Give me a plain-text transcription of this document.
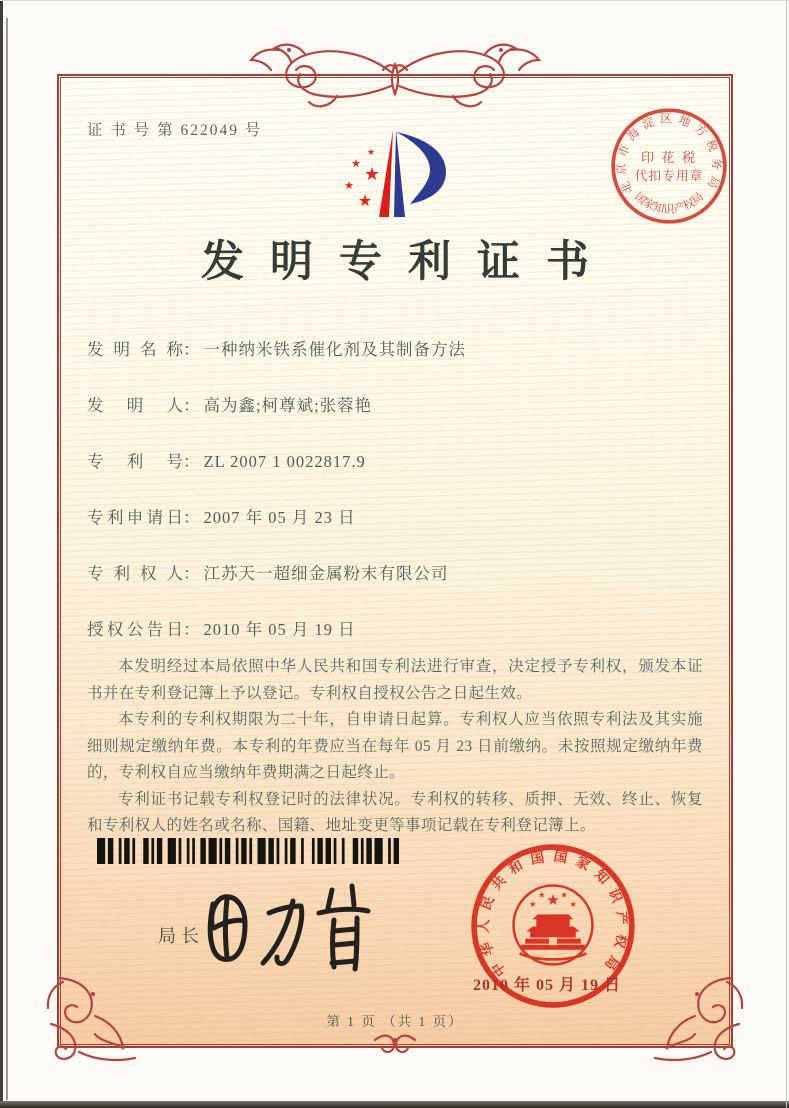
证 书 号 第 622049 号
★
★
★
★
★
北京市海淀区地方税务局
印 花 税
代扣专用章
国家知识产权局
发明专利证书
发明名称： 一种纳米铁系催化剂及其制备方法
发明人： 高为鑫;柯尊斌;张蓉艳
专利号： ZL 2007 1 0022817.9
专利申请日： 2007 年 05 月 23 日
专利权人： 江苏天一超细金属粉末有限公司
授权公告日： 2010 年 05 月 19 日

本发明经过本局依照中华人民共和国专利法进行审查，决定授予专利权，颁发本证书并在专利登记簿上予以登记。专利权自授权公告之日起生效。

本专利的专利权期限为二十年，自申请日起算。专利权人应当依照专利法及其实施细则规定缴纳年费。本专利的年费应当在每年 05 月 23 日前缴纳。未按照规定缴纳年费的，专利权自应当缴纳年费期满之日起终止。

专利证书记载专利权登记时的法律状况。专利权的转移、质押、无效、终止、恢复和专利权人的姓名或名称、国籍、地址变更等事项记载在专利登记簿上。

局长
中华人民共和国国家知识产权局
★
★
★ ★
★
2010 年 05 月 19 日
第 1 页 （共 1 页）
